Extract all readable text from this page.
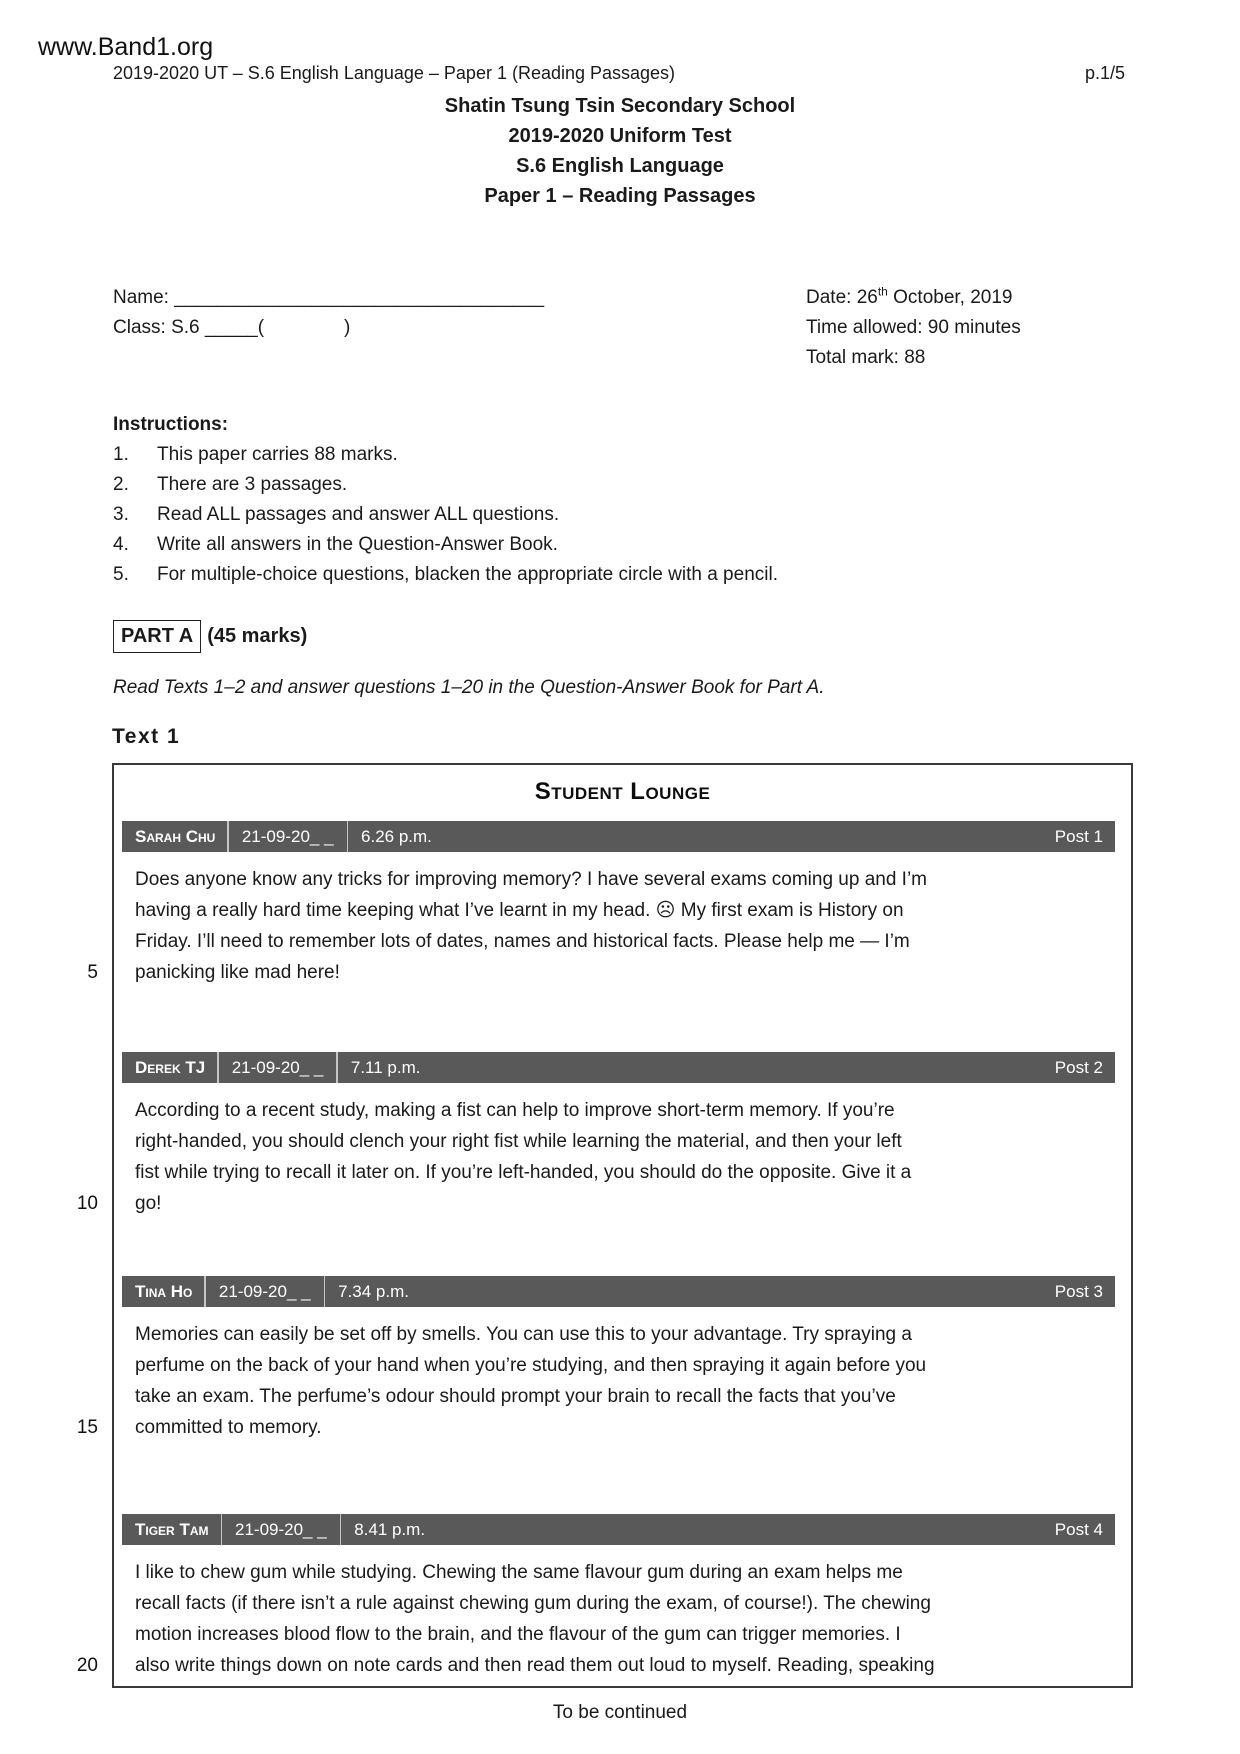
www.Band1.org
2019-2020 UT – S.6 English Language – Paper 1 (Reading Passages)	p.1/5
Shatin Tsung Tsin Secondary School
2019-2020 Uniform Test
S.6 English Language
Paper 1 – Reading Passages
Name: ___________________________________
Class: S.6 _____(	)
Date: 26th October, 2019
Time allowed: 90 minutes
Total mark: 88
Instructions:
1.	This paper carries 88 marks.
2.	There are 3 passages.
3.	Read ALL passages and answer ALL questions.
4.	Write all answers in the Question-Answer Book.
5.	For multiple-choice questions, blacken the appropriate circle with a pencil.
PART A (45 marks)
Read Texts 1–2 and answer questions 1–20 in the Question-Answer Book for Part A.
Text 1
Student Lounge
Sarah Chu	21-09-20_ _	6.26 p.m.	Post 1
Does anyone know any tricks for improving memory? I have several exams coming up and I’m
having a really hard time keeping what I’ve learnt in my head. ☹ My first exam is History on
Friday. I’ll need to remember lots of dates, names and historical facts. Please help me — I’m
panicking like mad here!
5
Derek TJ	21-09-20_ _	7.11 p.m.	Post 2
According to a recent study, making a fist can help to improve short-term memory. If you’re
right-handed, you should clench your right fist while learning the material, and then your left
fist while trying to recall it later on. If you’re left-handed, you should do the opposite. Give it a
go!
10
Tina Ho	21-09-20_ _	7.34 p.m.	Post 3
Memories can easily be set off by smells. You can use this to your advantage. Try spraying a
perfume on the back of your hand when you’re studying, and then spraying it again before you
take an exam. The perfume’s odour should prompt your brain to recall the facts that you’ve
committed to memory.
15
Tiger Tam	21-09-20_ _	8.41 p.m.	Post 4
I like to chew gum while studying. Chewing the same flavour gum during an exam helps me
recall facts (if there isn’t a rule against chewing gum during the exam, of course!). The chewing
motion increases blood flow to the brain, and the flavour of the gum can trigger memories. I
also write things down on note cards and then read them out loud to myself. Reading, speaking
20
To be continued
